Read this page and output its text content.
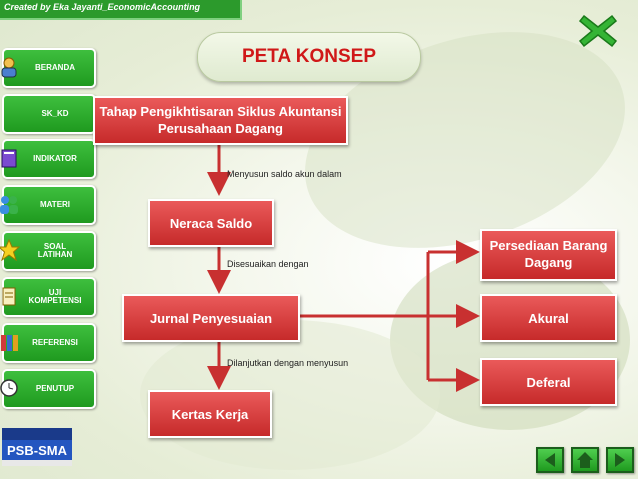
Created by Eka Jayanti_EconomicAccounting
BERANDA
SK_KD
INDIKATOR
MATERI
SOAL LATIHAN
UJI KOMPETENSI
REFERENSI
PENUTUP
PETA KONSEP
Tahap Pengikhtisaran Siklus Akuntansi Perusahaan Dagang
Menyusun saldo akun dalam
Neraca Saldo
Disesuaikan dengan
Jurnal Penyesuaian
Dilanjutkan dengan menyusun
Kertas Kerja
Persediaan Barang Dagang
Akural
Deferal
PSB-SMA
